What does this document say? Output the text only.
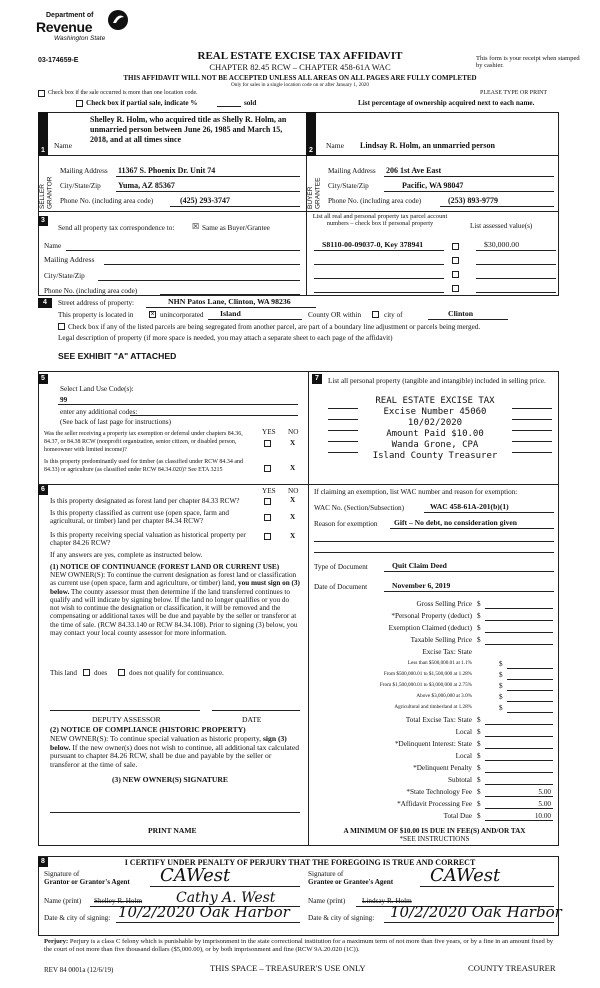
Department of
Revenue
Washington State
03-174659-E	REAL ESTATE EXCISE TAX AFFIDAVIT
CHAPTER 82.45 RCW – CHAPTER 458-61A WAC
This form is your receipt when stamped by cashier.
THIS AFFIDAVIT WILL NOT BE ACCEPTED UNLESS ALL AREAS ON ALL PAGES ARE FULLY COMPLETED
Only for sales in a single location code on or after January 1, 2020
Check box if the sale occurred is more than one location code.	PLEASE TYPE OR PRINT
Check box if partial sale, indicate %	sold	List percentage of ownership acquired next to each name.
1	2
Shelley R. Holm, who acquired title as Shelly R. Holm, an unmarried person between June 26, 1985 and March 15, 2018, and at all times since
Name
SELLER GRANTOR
Mailing Address 11367 S. Phoenix Dr. Unit 74
City/State/Zip Yuma, AZ 85367
Phone No. (including area code)	(425) 293-3747
Name Lindsay R. Holm, an unmarried person
BUYER GRANTEE
Mailing Address 206 1st Ave East
City/State/Zip	Pacific, WA 98047
Phone No. (including area code)	(253) 893-9779
3
Send all property tax correspondence to: ☒ Same as Buyer/Grantee
Name
Mailing Address
City/State/Zip
Phone No. (including area code)
List all real and personal property tax parcel account numbers – check box if personal property	List assessed value(s)
S8110-00-09037-0, Key 378941	$30,000.00
4	Street address of property:	NHN Patos Lane, Clinton, WA 98236
This property is located in × unincorporated Island	County OR within	city of	Clinton
Check box if any of the listed parcels are being segregated from another parcel, are part of a boundary line adjustment or parcels being merged.
Legal description of property (if more space is needed, you may attach a separate sheet to each page of the affidavit)
SEE EXHIBIT "A" ATTACHED
5
Select Land Use Code(s):
99
enter any additional codes:
(See back of last page for instructions)
YES NO
Was the seller receiving a property tax exemption or deferral under chapters 84.36, 84.37, or 84.38 RCW (nonprofit organization, senior citizen, or disabled person, homeowner with limited income)?
X
Is this property predominantly used for timber (as classified under RCW 84.34 and 84.33) or agriculture (as classified under RCW 84.34.020)? See ETA 3215	X
6	YES NO
Is this property designated as forest land per chapter 84.33 RCW?	X
Is this property classified as current use (open space, farm and agricultural, or timber) land per chapter 84.34 RCW?
X
Is this property receiving special valuation as historical property per chapter 84.26 RCW?
X
If any answers are yes, complete as instructed below.
(1) NOTICE OF CONTINUANCE (FOREST LAND OR CURRENT USE)
NEW OWNER(S): To continue the current designation as forest land or classification as current use (open space, farm and agriculture, or timber) land, you must sign on (3) below. The county assessor must then determine if the land transferred continues to qualify and will indicate by signing below. If the land no longer qualifies or you do not wish to continue the designation or classification, it will be removed and the compensating or additional taxes will be due and payable by the seller or transferor at the time of sale. (RCW 84.33.140 or RCW 84.34.108). Prior to signing (3) below, you may contact your local county assessor for more information.
This land does	does not qualify for continuance.
DEPUTY ASSESSOR	DATE
(2) NOTICE OF COMPLIANCE (HISTORIC PROPERTY)
NEW OWNER(S): To continue special valuation as historic property, sign (3) below. If the new owner(s) does not wish to continue, all additional tax calculated pursuant to chapter 84.26 RCW, shall be due and payable by the seller or transferor at the time of sale.
(3) NEW OWNER(S) SIGNATURE
PRINT NAME
7	List all personal property (tangible and intangible) included in selling price.
REAL ESTATE EXCISE TAX
Excise Number 45060
10/02/2020
Amount Paid $10.00
Wanda Grone, CPA
Island County Treasurer
If claiming an exemption, list WAC number and reason for exemption:
WAC No. (Section/Subsection)	WAC 458-61A-201(b)(1)
Reason for exemption Gift – No debt, no consideration given
Type of Document	Quit Claim Deed
Date of Document	November 6, 2019
Gross Selling Price $
*Personal Property (deduct) $
Exemption Claimed (deduct) $
Taxable Selling Price $
Excise Tax: State
Less than $500,000.01 at 1.1%	$
From $500,000.01 to $1,500,000 at 1.28%	$
From $1,500,000.01 to $3,000,000 at 2.75%	$
Above $3,000,000 at 3.0%	$
Agricultural and timberland at 1.28%	$
Total Excise Tax: State $
Local $
*Delinquent Interest: State $
Local $
*Delinquent Penalty $
Subtotal $
*State Technology Fee $	5.00
*Affidavit Processing Fee $	5.00
Total Due $	10.00
A MINIMUM OF $10.00 IS DUE IN FEE(S) AND/OR TAX
*SEE INSTRUCTIONS
8	I CERTIFY UNDER PENALTY OF PERJURY THAT THE FOREGOING IS TRUE AND CORRECT
Signature of
Grantor or Grantor's Agent CAWest
Name (print) Shelley R. Holm Cathy A. West
Date & city of signing: 10/2/2020 Oak Harbor
Signature of
Grantee or Grantee's Agent CAWest
Name (print) Lindsay R. Holm
Date & city of signing: 10/2/2020 Oak Harbor
Perjury: Perjury is a class C felony which is punishable by imprisonment in the state correctional institution for a maximum term of not more than five years, or by a fine in an amount fixed by the court of not more than five thousand dollars ($5,000.00), or by both imprisonment and fine (RCW 9A.20.020 (1C)).
REV 84 0001a (12/6/19)	THIS SPACE – TREASURER'S USE ONLY	COUNTY TREASURER
